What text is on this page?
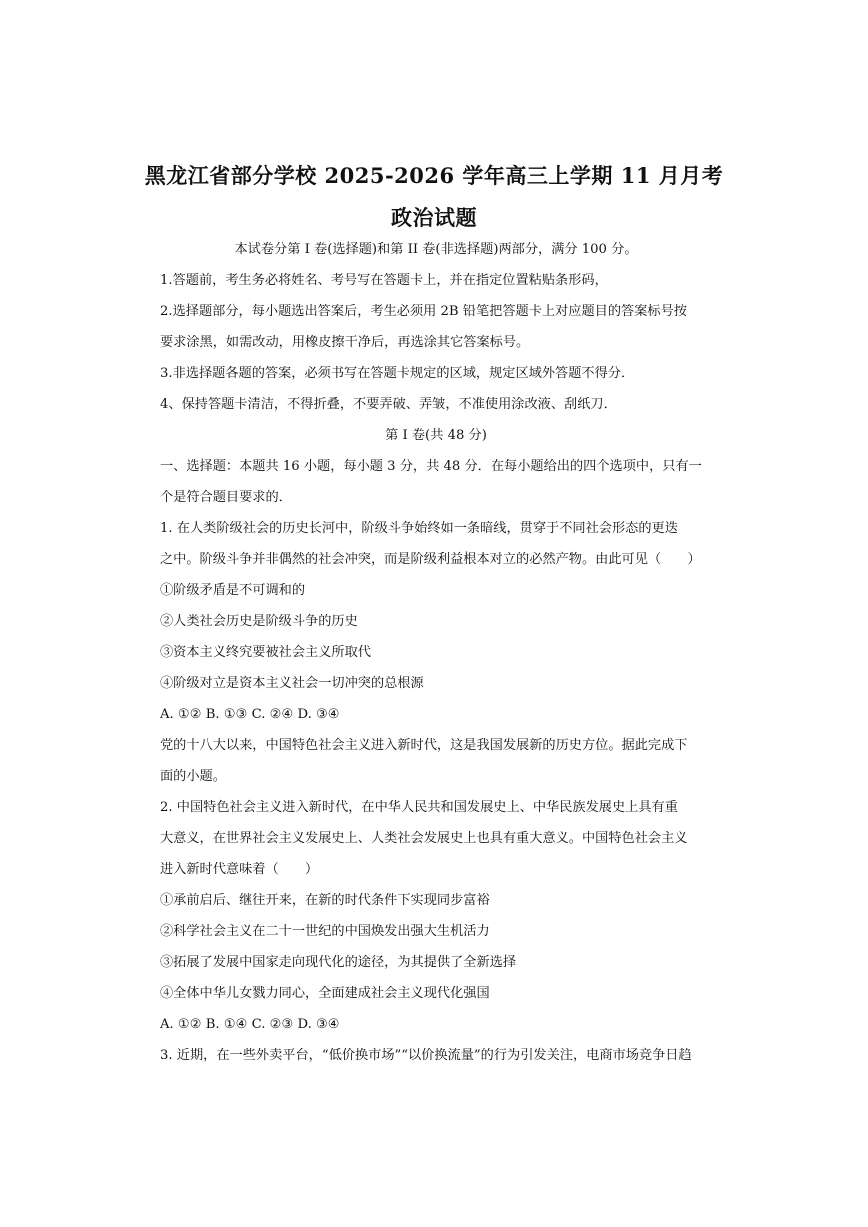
黑龙江省部分学校 2025-2026 学年高三上学期 11 月月考
政治试题
本试卷分第 I 卷(选择题)和第 II 卷(非选择题)两部分，满分 100 分。
1.答题前，考生务必将姓名、考号写在答题卡上，并在指定位置粘贴条形码，
2.选择题部分，每小题选出答案后，考生必须用 2B 铅笔把答题卡上对应题目的答案标号按
要求涂黑，如需改动，用橡皮擦干净后，再选涂其它答案标号。
3.非选择题各题的答案，必须书写在答题卡规定的区域，规定区域外答题不得分．
4、保持答题卡清洁，不得折叠，不要弄破、弄皱，不准使用涂改液、刮纸刀．
第 I 卷(共 48 分)
一、选择题：本题共 16 小题，每小题 3 分，共 48 分．在每小题给出的四个选项中，只有一
个是符合题目要求的．
1. 在人类阶级社会的历史长河中，阶级斗争始终如一条暗线，贯穿于不同社会形态的更迭
之中。阶级斗争并非偶然的社会冲突，而是阶级利益根本对立的必然产物。由此可见（　　）
①阶级矛盾是不可调和的
②人类社会历史是阶级斗争的历史
③资本主义终究要被社会主义所取代
④阶级对立是资本主义社会一切冲突的总根源
A. ①② B. ①③ C. ②④ D. ③④
党的十八大以来，中国特色社会主义进入新时代，这是我国发展新的历史方位。据此完成下
面的小题。
2. 中国特色社会主义进入新时代，在中华人民共和国发展史上、中华民族发展史上具有重
大意义，在世界社会主义发展史上、人类社会发展史上也具有重大意义。中国特色社会主义
进入新时代意味着（　　）
①承前启后、继往开来，在新的时代条件下实现同步富裕
②科学社会主义在二十一世纪的中国焕发出强大生机活力
③拓展了发展中国家走向现代化的途径，为其提供了全新选择
④全体中华儿女戮力同心，全面建成社会主义现代化强国
A. ①② B. ①④ C. ②③ D. ③④
3. 近期，在一些外卖平台，“低价换市场”“以价换流量”的行为引发关注，电商市场竞争日趋
